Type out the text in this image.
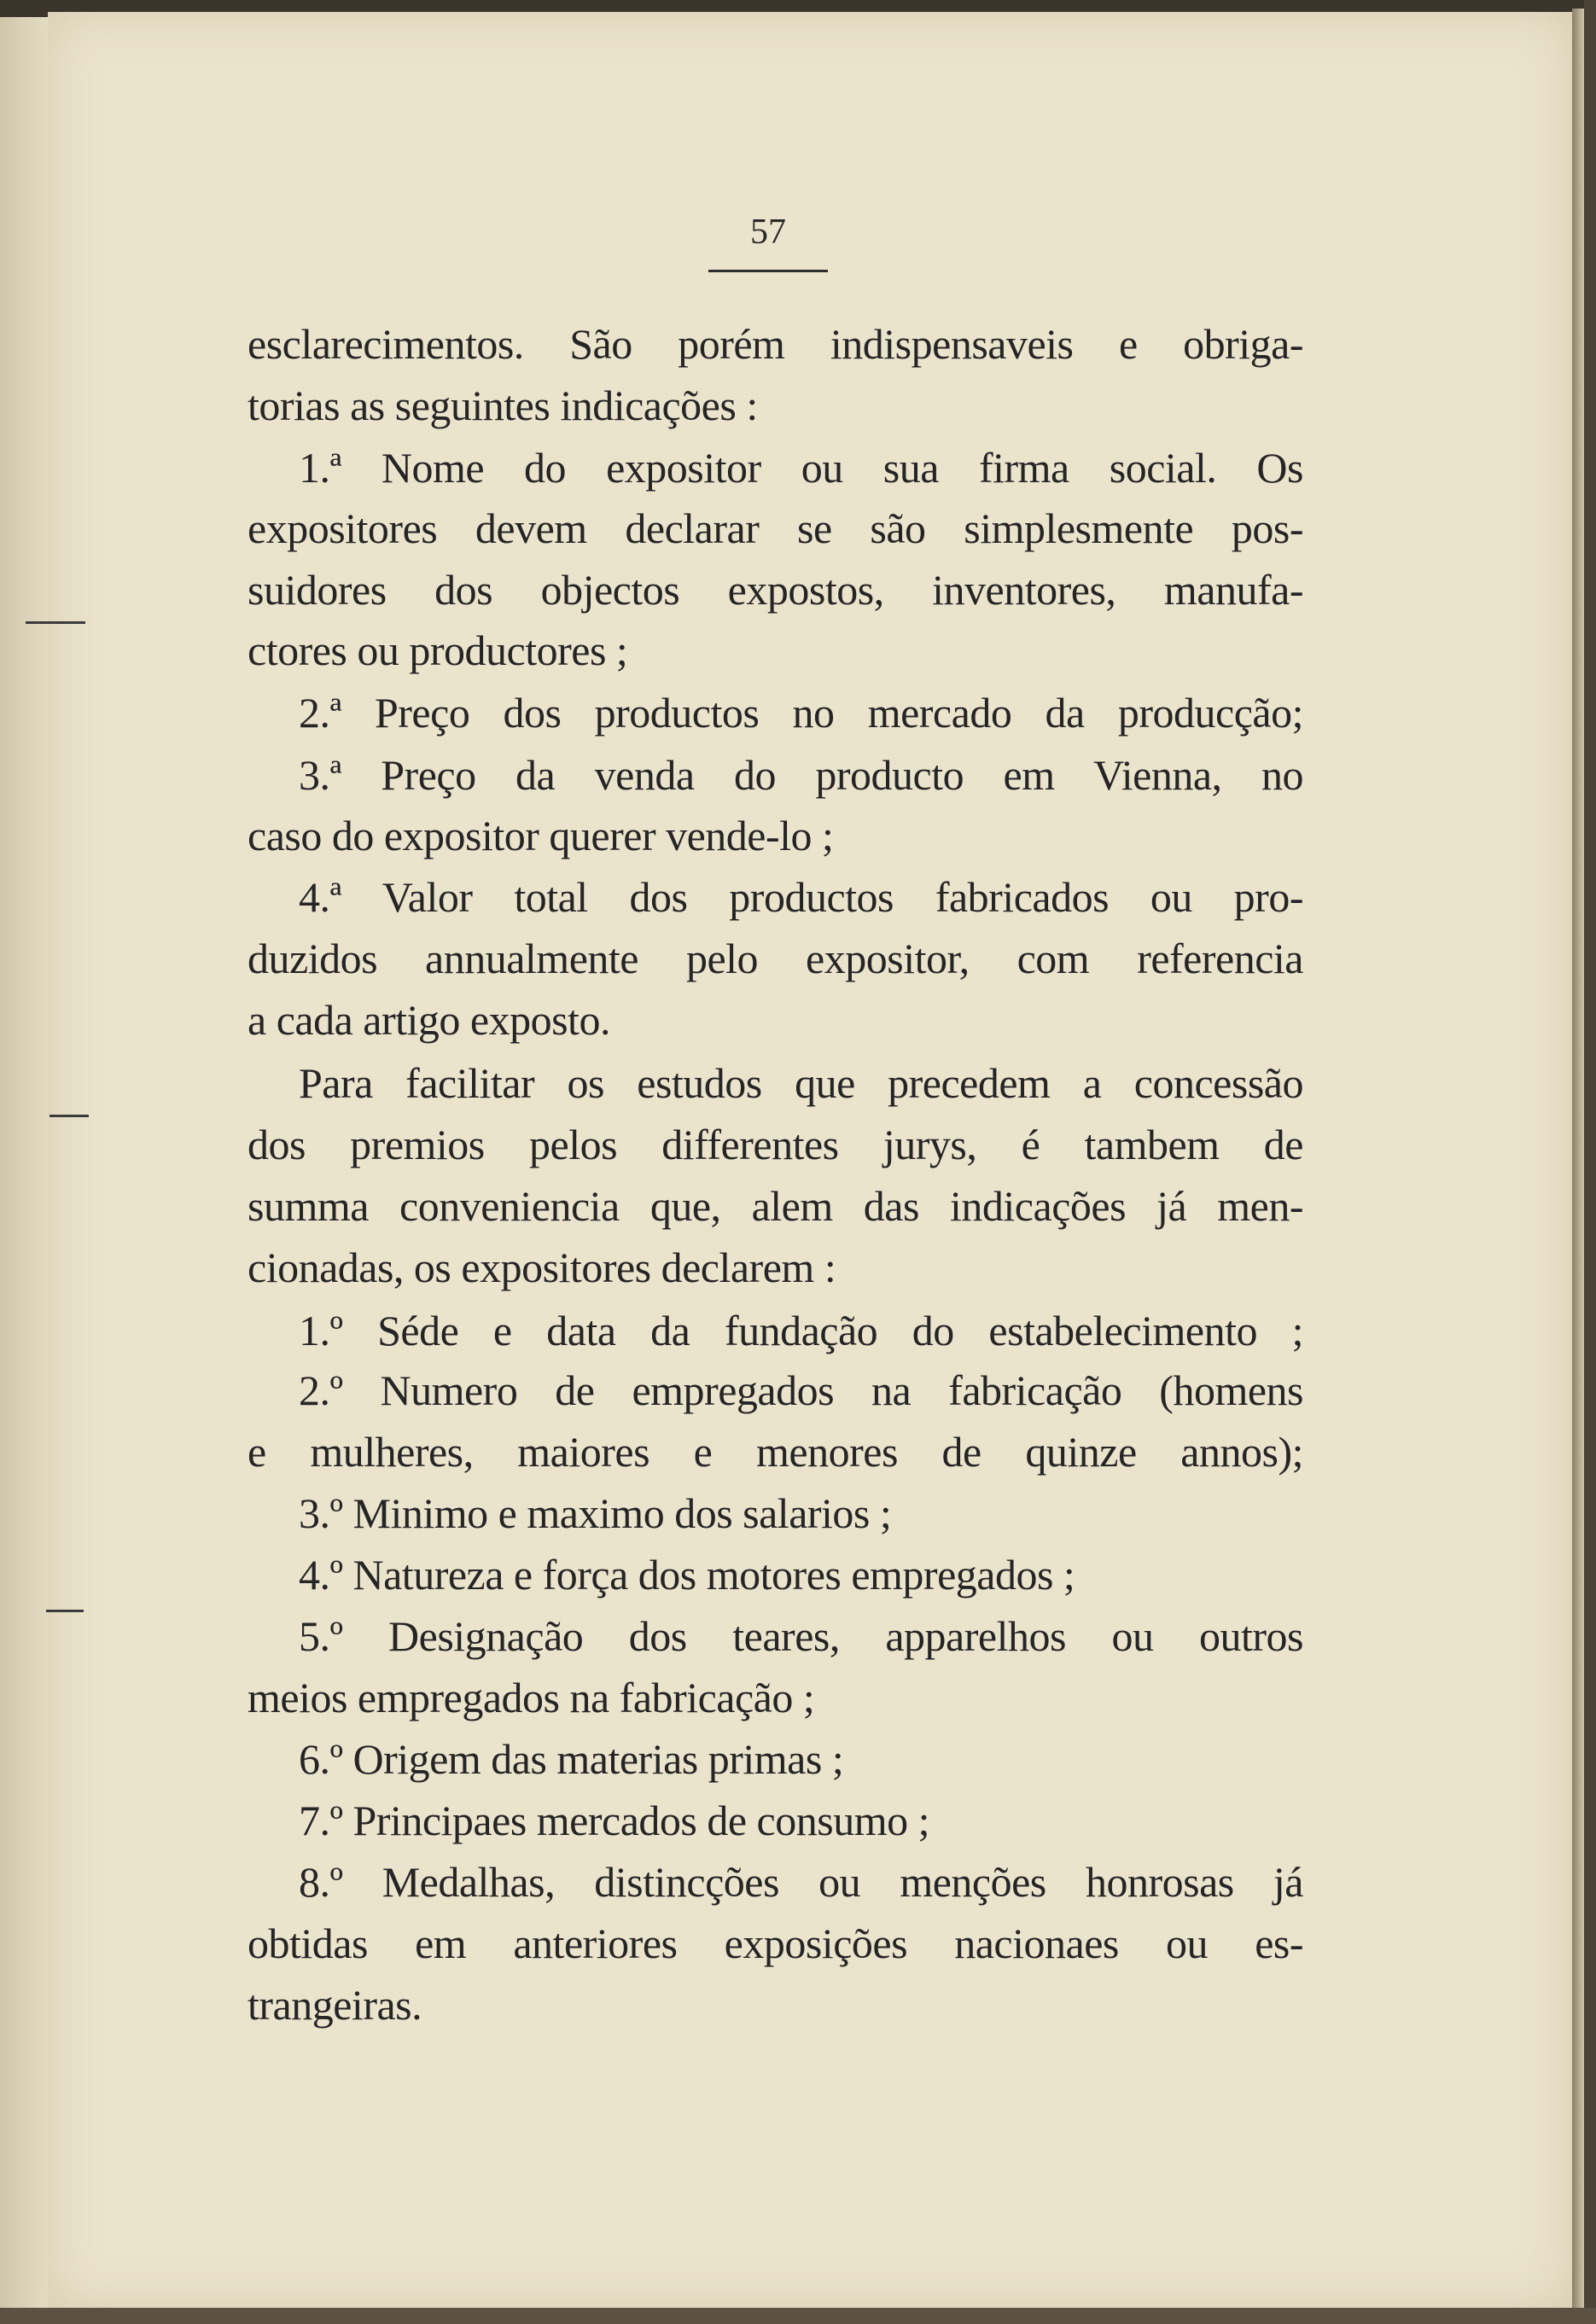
57

esclarecimentos. São porém indispensaveis e obriga-

torias as seguintes indicações :

1.ª Nome do expositor ou sua firma social. Os

expositores devem declarar se são simplesmente pos-

suidores dos objectos expostos, inventores, manufa-

ctores ou productores ;

2.ª Preço dos productos no mercado da producção;

3.ª Preço da venda do producto em Vienna, no

caso do expositor querer vende-lo ;

4.ª Valor total dos productos fabricados ou pro-

duzidos annualmente pelo expositor, com referencia

a cada artigo exposto.

Para facilitar os estudos que precedem a concessão

dos premios pelos differentes jurys, é tambem de

summa conveniencia que, alem das indicações já men-

cionadas, os expositores declarem :

1.º Séde e data da fundação do estabelecimento ;

2.º Numero de empregados na fabricação (homens

e mulheres, maiores e menores de quinze annos);

3.º Minimo e maximo dos salarios ;

4.º Natureza e força dos motores empregados ;

5.º Designação dos teares, apparelhos ou outros

meios empregados na fabricação ;

6.º Origem das materias primas ;

7.º Principaes mercados de consumo ;

8.º Medalhas, distincções ou menções honrosas já

obtidas em anteriores exposições nacionaes ou es-

trangeiras.
